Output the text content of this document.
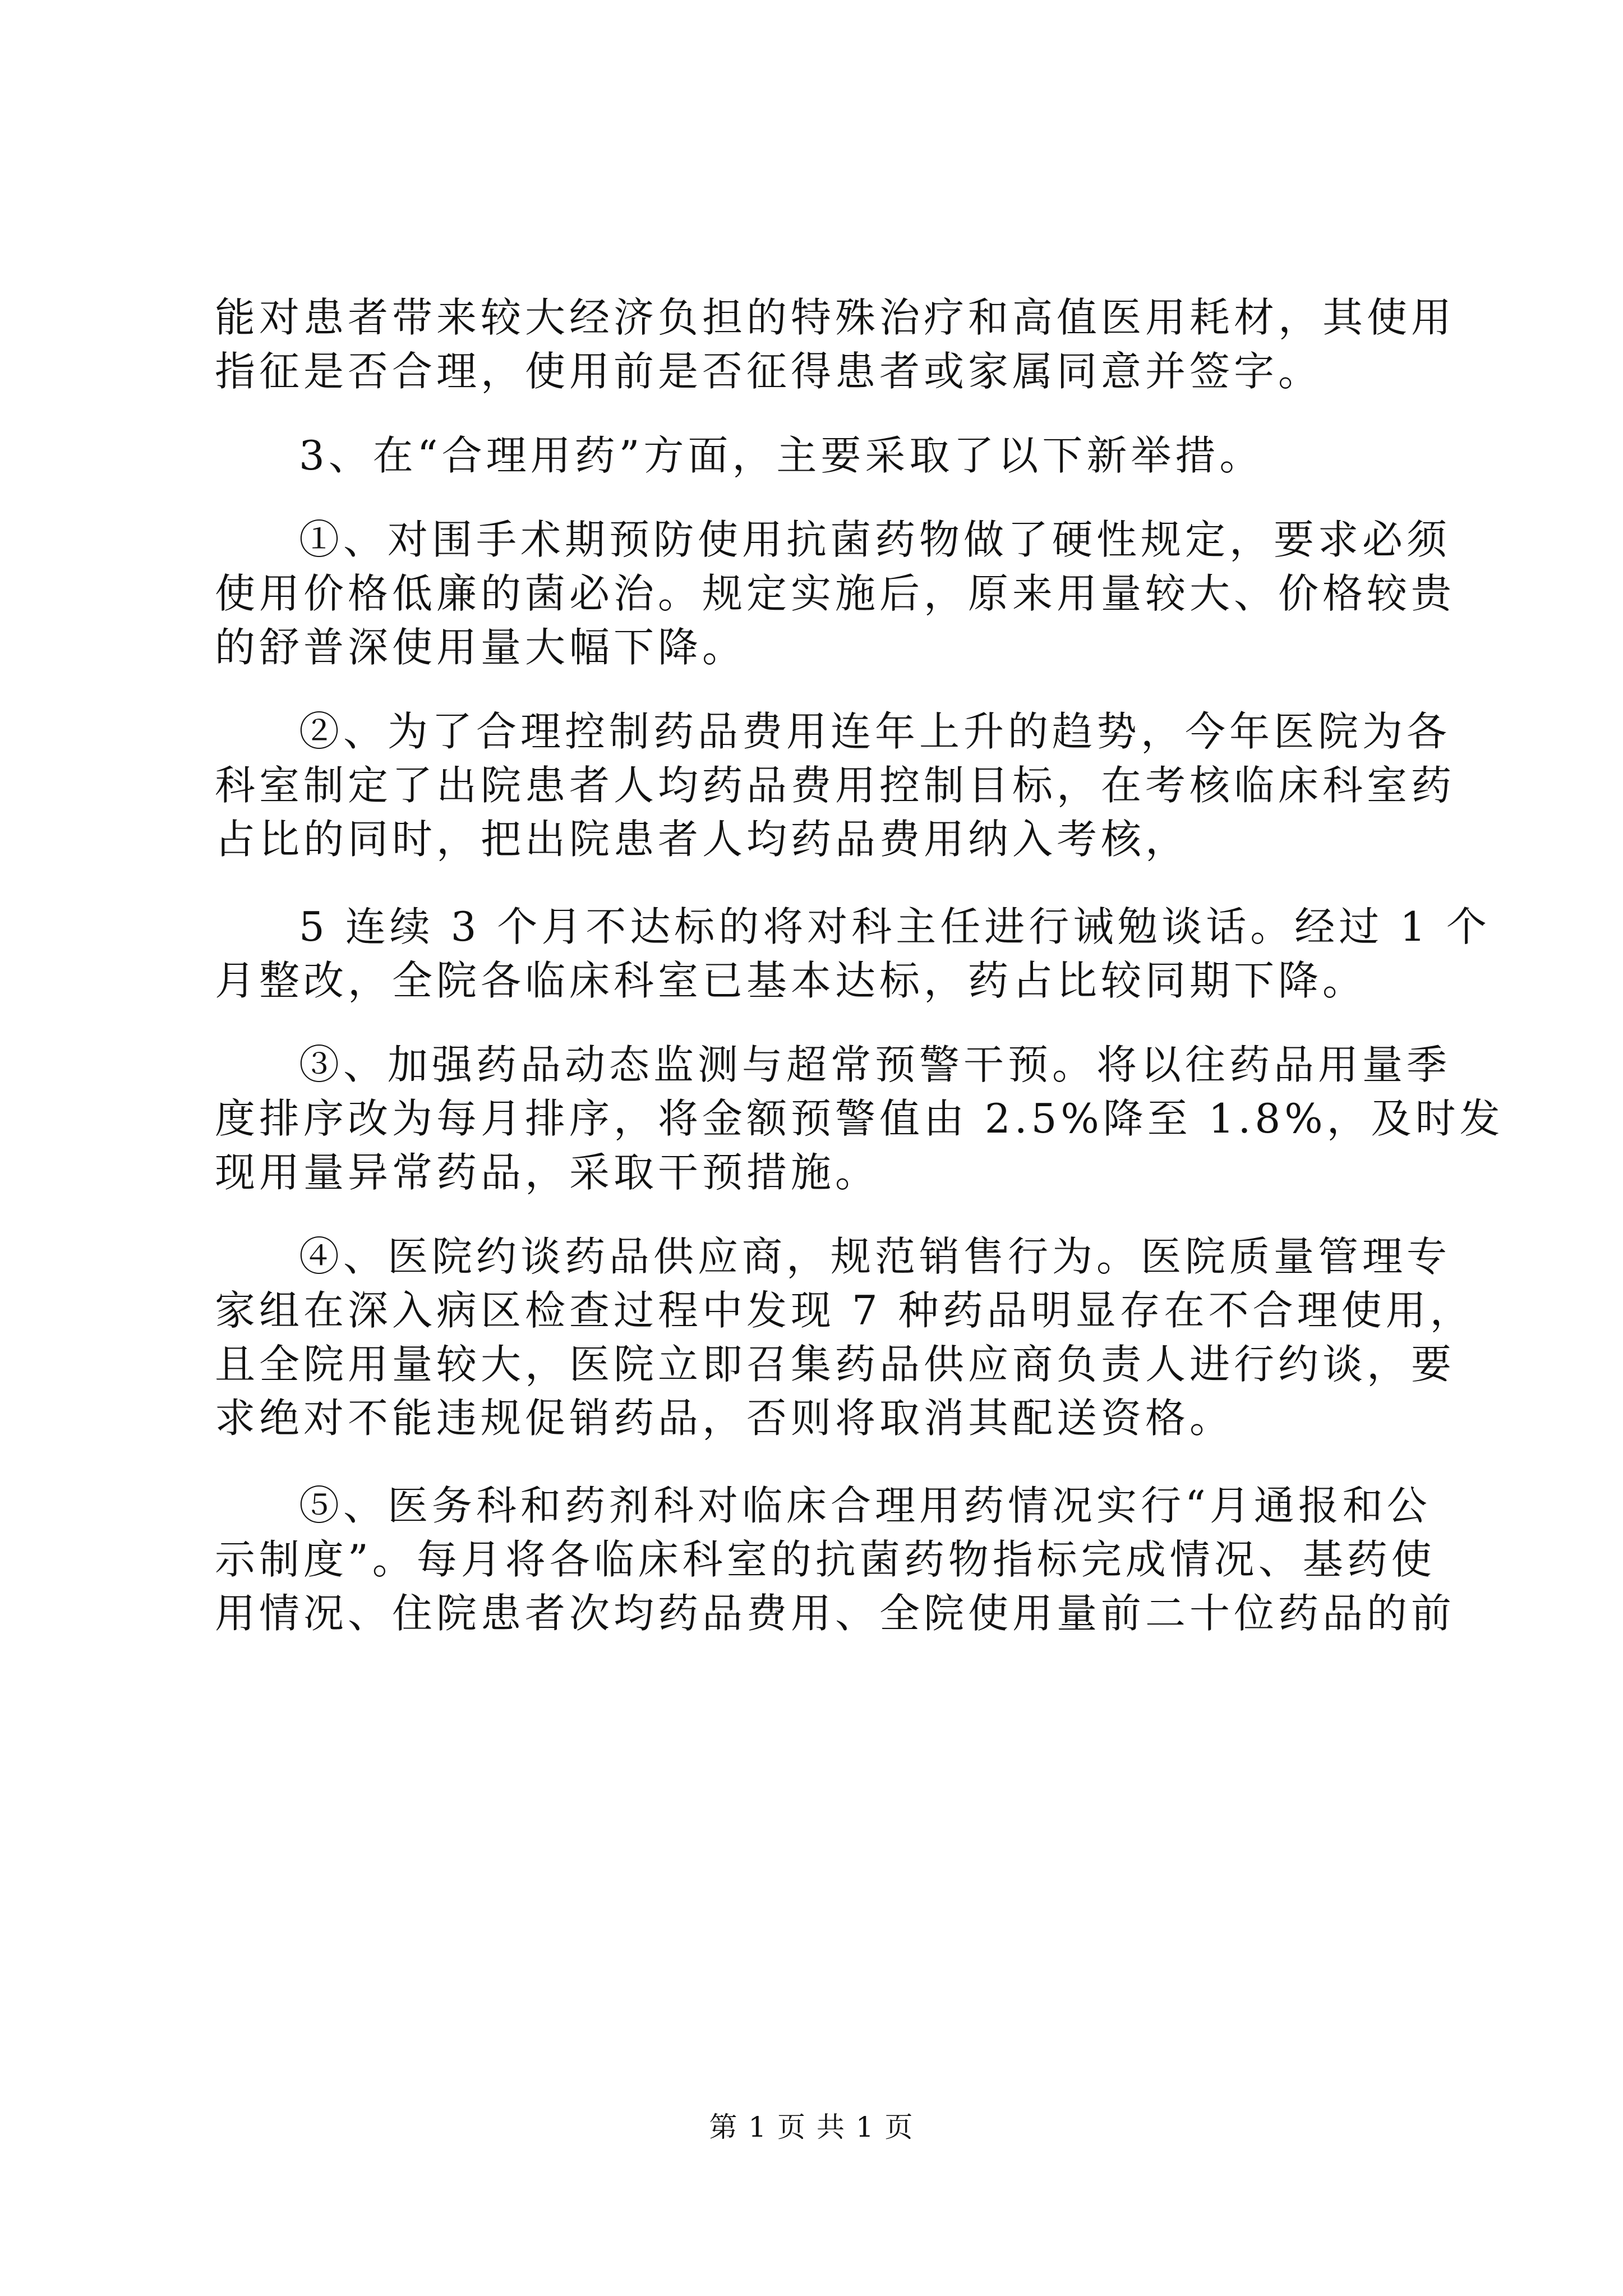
能对患者带来较大经济负担的特殊治疗和高值医用耗材，其使用
指征是否合理，使用前是否征得患者或家属同意并签字。
3、在“合理用药”方面，主要采取了以下新举措。
①、对围手术期预防使用抗菌药物做了硬性规定，要求必须
使用价格低廉的菌必治。规定实施后，原来用量较大、价格较贵
的舒普深使用量大幅下降。
②、为了合理控制药品费用连年上升的趋势，今年医院为各
科室制定了出院患者人均药品费用控制目标，在考核临床科室药
占比的同时，把出院患者人均药品费用纳入考核，
5 连续 3 个月不达标的将对科主任进行诫勉谈话。经过 1 个
月整改，全院各临床科室已基本达标，药占比较同期下降。
③、加强药品动态监测与超常预警干预。将以往药品用量季
度排序改为每月排序，将金额预警值由 2.5%降至 1.8%，及时发
现用量异常药品，采取干预措施。
④、医院约谈药品供应商，规范销售行为。医院质量管理专
家组在深入病区检查过程中发现 7 种药品明显存在不合理使用，
且全院用量较大，医院立即召集药品供应商负责人进行约谈，要
求绝对不能违规促销药品，否则将取消其配送资格。
⑤、医务科和药剂科对临床合理用药情况实行“月通报和公
示制度”。每月将各临床科室的抗菌药物指标完成情况、基药使
用情况、住院患者次均药品费用、全院使用量前二十位药品的前
第 1 页 共 1 页
